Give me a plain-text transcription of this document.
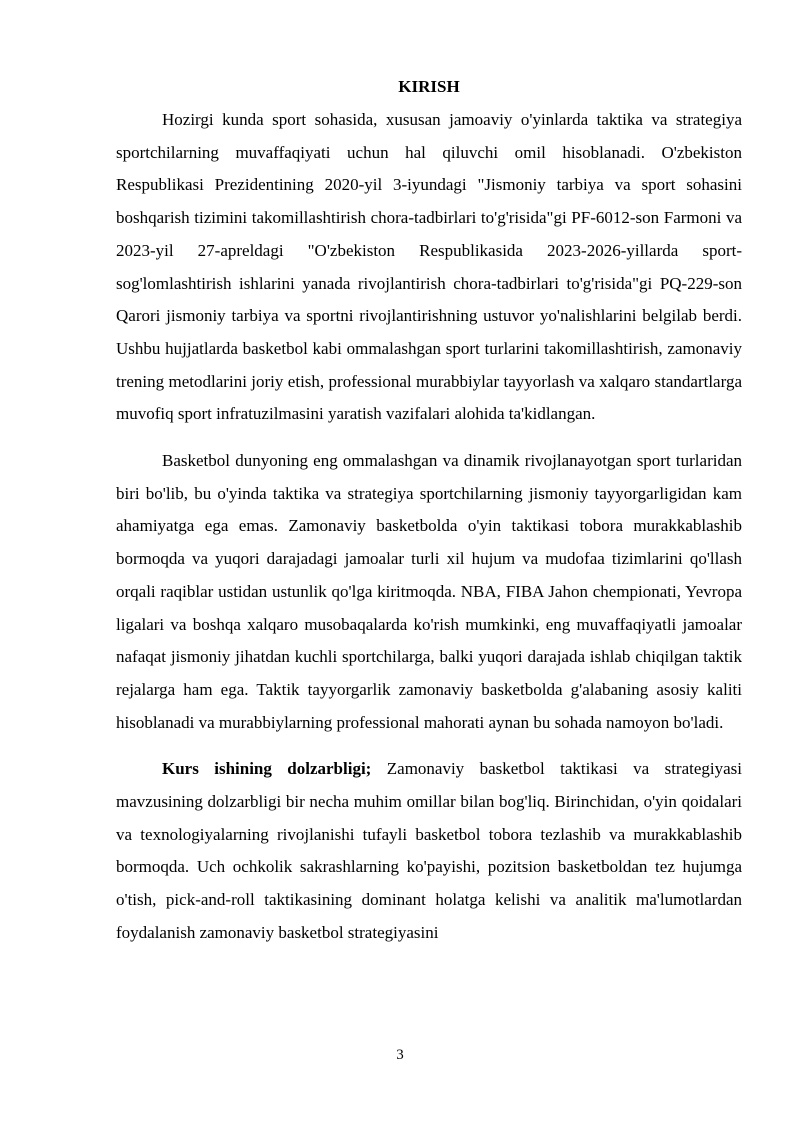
KIRISH

Hozirgi kunda sport sohasida, xususan jamoaviy o'yinlarda taktika va strategiya sportchilarning muvaffaqiyati uchun hal qiluvchi omil hisoblanadi. O'zbekiston Respublikasi Prezidentining 2020-yil 3-iyundagi "Jismoniy tarbiya va sport sohasini boshqarish tizimini takomillashtirish chora-tadbirlari to'g'risida"gi PF-6012-son Farmoni va 2023-yil 27-apreldagi "O'zbekiston Respublikasida 2023-2026-yillarda sport-sog'lomlashtirish ishlarini yanada rivojlantirish chora-tadbirlari to'g'risida"gi PQ-229-son Qarori jismoniy tarbiya va sportni rivojlantirishning ustuvor yo'nalishlarini belgilab berdi. Ushbu hujjatlarda basketbol kabi ommalashgan sport turlarini takomillashtirish, zamonaviy trening metodlarini joriy etish, professional murabbiylar tayyorlash va xalqaro standartlarga muvofiq sport infratuzilmasini yaratish vazifalari alohida ta'kidlangan.

Basketbol dunyoning eng ommalashgan va dinamik rivojlanayotgan sport turlaridan biri bo'lib, bu o'yinda taktika va strategiya sportchilarning jismoniy tayyorgarligidan kam ahamiyatga ega emas. Zamonaviy basketbolda o'yin taktikasi tobora murakkablashib bormoqda va yuqori darajadagi jamoalar turli xil hujum va mudofaa tizimlarini qo'llash orqali raqiblar ustidan ustunlik qo'lga kiritmoqda. NBA, FIBA Jahon chempionati, Yevropa ligalari va boshqa xalqaro musobaqalarda ko'rish mumkinki, eng muvaffaqiyatli jamoalar nafaqat jismoniy jihatdan kuchli sportchilarga, balki yuqori darajada ishlab chiqilgan taktik rejalarga ham ega. Taktik tayyorgarlik zamonaviy basketbolda g'alabaning asosiy kaliti hisoblanadi va murabbiylarning professional mahorati aynan bu sohada namoyon bo'ladi.

Kurs ishining dolzarbligi; Zamonaviy basketbol taktikasi va strategiyasi mavzusining dolzarbligi bir necha muhim omillar bilan bog'liq. Birinchidan, o'yin qoidalari va texnologiyalarning rivojlanishi tufayli basketbol tobora tezlashib va murakkablashib bormoqda. Uch ochkolik sakrashlarning ko'payishi, pozitsion basketboldan tez hujumga o'tish, pick-and-roll taktikasining dominant holatga kelishi va analitik ma'lumotlardan foydalanish zamonaviy basketbol strategiyasini

3
